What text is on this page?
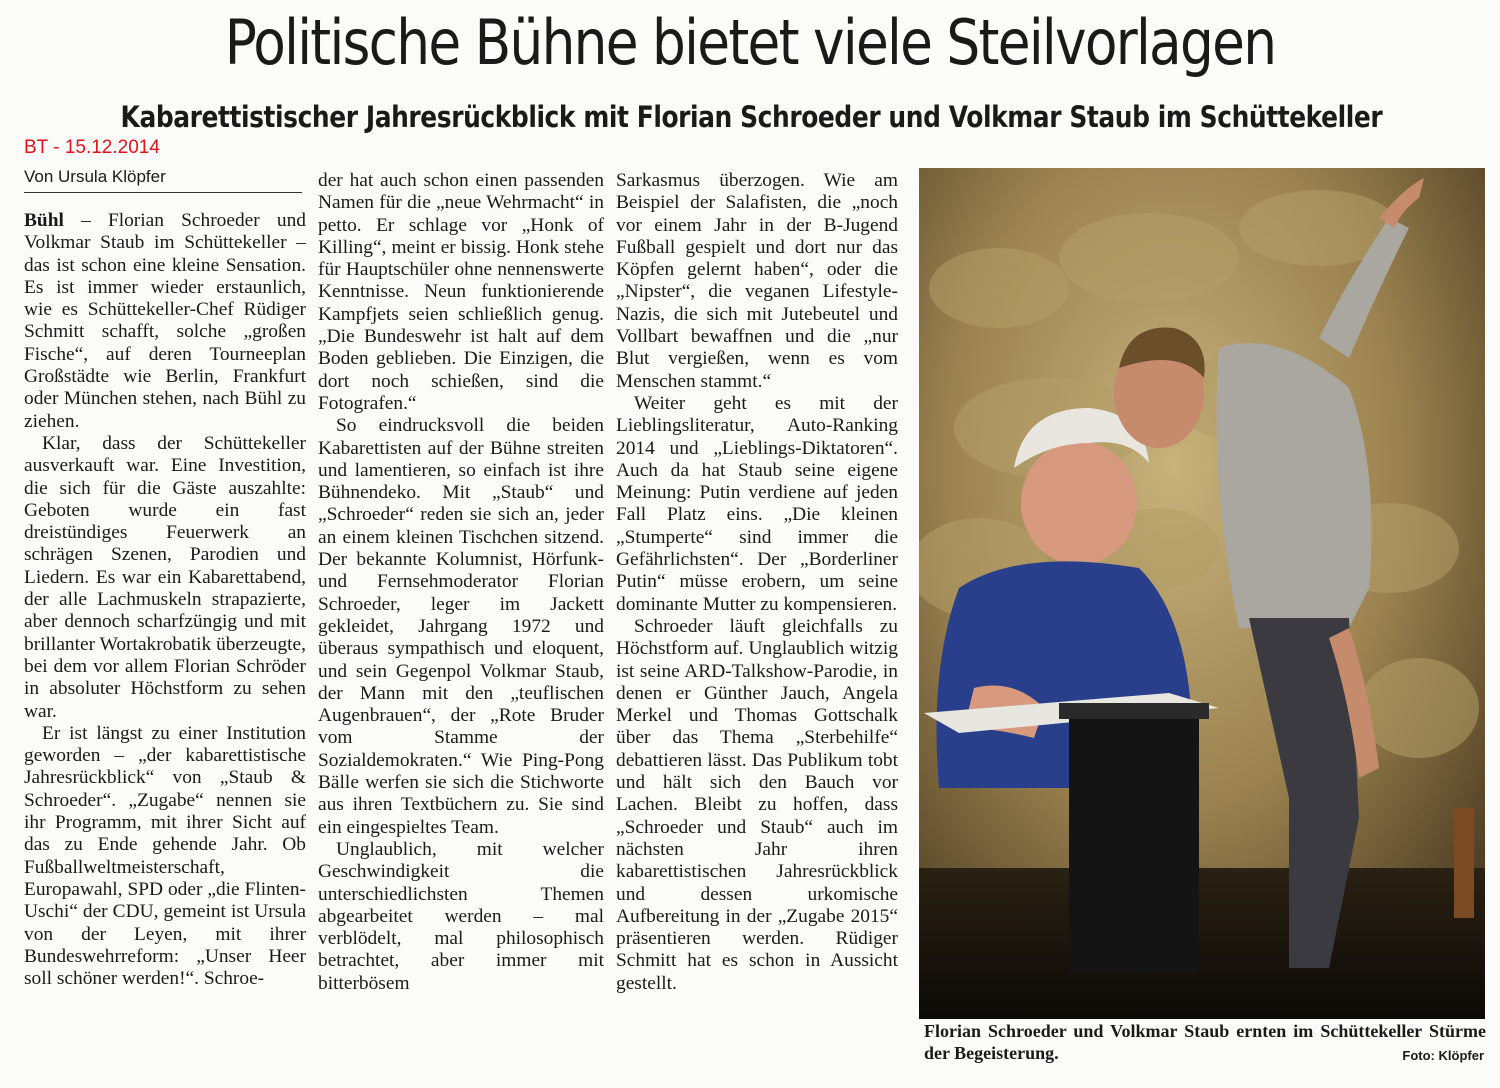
Politische Bühne bietet viele Steilvorlagen
Kabarettistischer Jahresrückblick mit Florian Schroeder und Volkmar Staub im Schüttekeller
BT - 15.12.2014
Von Ursula Klöpfer

Bühl – Florian Schroeder und Volkmar Staub im Schüttekeller – das ist schon eine kleine Sensation. Es ist immer wieder erstaunlich, wie es Schüttekeller-Chef Rüdiger Schmitt schafft, solche „großen Fische“, auf deren Tourneeplan Großstädte wie Berlin, Frankfurt oder München stehen, nach Bühl zu ziehen.

Klar, dass der Schüttekeller ausverkauft war. Eine Investition, die sich für die Gäste auszahlte: Geboten wurde ein fast dreistündiges Feuerwerk an schrägen Szenen, Parodien und Liedern. Es war ein Kabarettabend, der alle Lachmuskeln strapazierte, aber dennoch scharfzüngig und mit brillanter Wortakrobatik überzeugte, bei dem vor allem Florian Schröder in absoluter Höchstform zu sehen war.

Er ist längst zu einer Institution geworden – „der kabarettistische Jahresrückblick“ von „Staub & Schroeder“. „Zugabe“ nennen sie ihr Programm, mit ihrer Sicht auf das zu Ende gehende Jahr. Ob Fußballweltmeisterschaft, Europawahl, SPD oder „die Flinten-Uschi“ der CDU, gemeint ist Ursula von der Leyen, mit ihrer Bundeswehrreform: „Unser Heer soll schöner werden!“. Schroe-

der hat auch schon einen passenden Namen für die „neue Wehrmacht“ in petto. Er schlage vor „Honk of Killing“, meint er bissig. Honk stehe für Hauptschüler ohne nennenswerte Kenntnisse. Neun funktionierende Kampfjets seien schließlich genug. „Die Bundeswehr ist halt auf dem Boden geblieben. Die Einzigen, die dort noch schießen, sind die Fotografen.“

So eindrucksvoll die beiden Kabarettisten auf der Bühne streiten und lamentieren, so einfach ist ihre Bühnendeko. Mit „Staub“ und „Schroeder“ reden sie sich an, jeder an einem kleinen Tischchen sitzend. Der bekannte Kolumnist, Hörfunk- und Fernsehmoderator Florian Schroeder, leger im Jackett gekleidet, Jahrgang 1972 und überaus sympathisch und eloquent, und sein Gegenpol Volkmar Staub, der Mann mit den „teuflischen Augenbrauen“, der „Rote Bruder vom Stamme der Sozialdemokraten.“ Wie Ping-Pong Bälle werfen sie sich die Stichworte aus ihren Textbüchern zu. Sie sind ein eingespieltes Team.

Unglaublich, mit welcher Geschwindigkeit die unterschiedlichsten Themen abgearbeitet werden – mal verblödelt, mal philosophisch betrachtet, aber immer mit bitterbösem

Sarkasmus überzogen. Wie am Beispiel der Salafisten, die „noch vor einem Jahr in der B-Jugend Fußball gespielt und dort nur das Köpfen gelernt haben“, oder die „Nipster“, die veganen Lifestyle-Nazis, die sich mit Jutebeutel und Vollbart bewaffnen und die „nur Blut vergießen, wenn es vom Menschen stammt.“

Weiter geht es mit der Lieblingsliteratur, Auto-Ranking 2014 und „Lieblings-Diktatoren“. Auch da hat Staub seine eigene Meinung: Putin verdiene auf jeden Fall Platz eins. „Die kleinen „Stumperte“ sind immer die Gefährlichsten“. Der „Borderliner Putin“ müsse erobern, um seine dominante Mutter zu kompensieren.

Schroeder läuft gleichfalls zu Höchstform auf. Unglaublich witzig ist seine ARD-Talkshow-Parodie, in denen er Günther Jauch, Angela Merkel und Thomas Gottschalk über das Thema „Sterbehilfe“ debattieren lässt. Das Publikum tobt und hält sich den Bauch vor Lachen. Bleibt zu hoffen, dass „Schroeder und Staub“ auch im nächsten Jahr ihren kabarettistischen Jahresrückblick und dessen urkomische Aufbereitung in der „Zugabe 2015“ präsentieren werden. Rüdiger Schmitt hat es schon in Aussicht gestellt.

Florian Schroeder und Volkmar Staub ernten im Schüttekeller Stürme der Begeisterung.	Foto: Klöpfer
